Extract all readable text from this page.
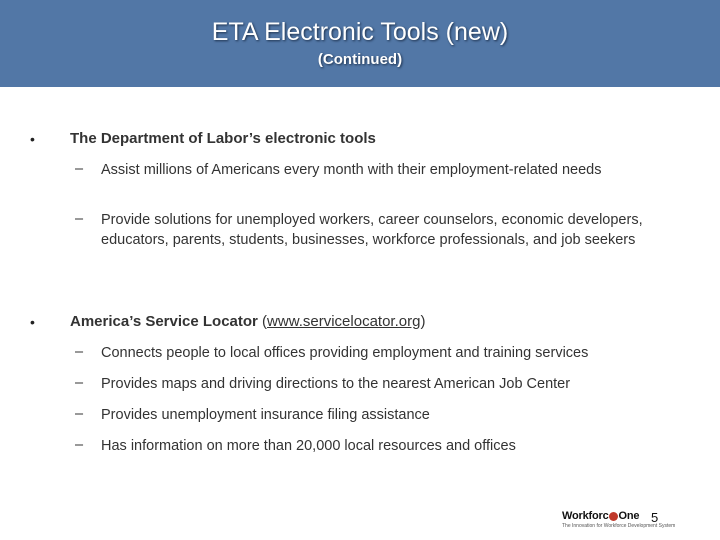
ETA Electronic Tools (new)
(Continued)
• The Department of Labor’s electronic tools
– Assist millions of Americans every month with their employment-related needs
– Provide solutions for unemployed workers, career counselors, economic developers, educators, parents, students, businesses, workforce professionals, and job seekers
• America’s Service Locator (www.servicelocator.org)
– Connects people to local offices providing employment and training services
– Provides maps and driving directions to the nearest American Job Center
– Provides unemployment insurance filing assistance
– Has information on more than 20,000 local resources and offices
Workforc One
The Innovation for Workforce Development System
5
